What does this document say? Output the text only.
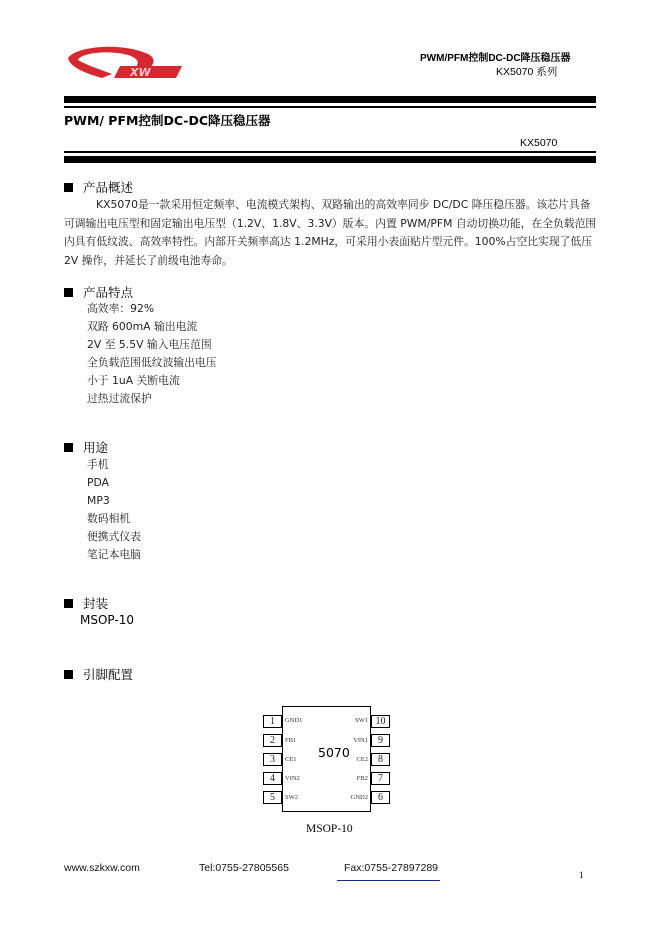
XW
PWM/PFM控制DC-DC降压稳压器
KX5070 系列
PWM/ PFM控制DC-DC降压稳压器
KX5070
产品概述
KX5070是一款采用恒定频率、电流模式架构、双路输出的高效率同步 DC/DC 降压稳压器。该芯片具备可调输出电压型和固定输出电压型（1.2V、1.8V、3.3V）版本。内置 PWM/PFM 自动切换功能，在全负载范围内具有低纹波、高效率特性。内部开关频率高达 1.2MHz，可采用小表面贴片型元件。100%占空比实现了低压 2V 操作，并延长了前级电池寿命。
产品特点
高效率：92%
双路 600mA 输出电流
2V 至 5.5V 输入电压范围
全负载范围低纹波输出电压
小于 1uA 关断电流
过热过流保护
用途
手机
PDA
MP3
数码相机
便携式仪表
笔记本电脑
封装
MSOP-10
引脚配置
5070
1
2
3
4
5
GND1
FB1
CE1
VIN2
SW2
10
9
8
7
6
SW1
VIN1
CE2
FB2
GND2
MSOP-10
www.szkxw.com	Tel:0755-27805565	Fax:0755-27897289
1
